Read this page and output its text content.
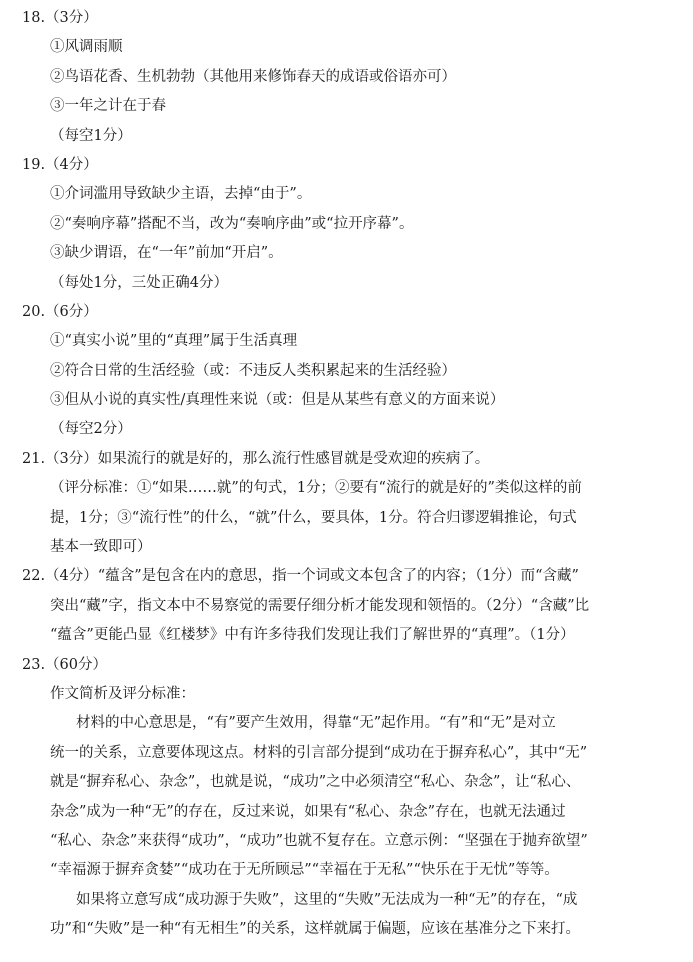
18.（3分）
①风调雨顺
②鸟语花香、生机勃勃（其他用来修饰春天的成语或俗语亦可）
③一年之计在于春
（每空1分）
19.（4分）
①介词滥用导致缺少主语，去掉“由于”。
②“奏响序幕”搭配不当，改为“奏响序曲”或“拉开序幕”。
③缺少谓语，在“一年”前加“开启”。
（每处1分，三处正确4分）
20.（6分）
①“真实小说”里的“真理”属于生活真理
②符合日常的生活经验（或：不违反人类积累起来的生活经验）
③但从小说的真实性/真理性来说（或：但是从某些有意义的方面来说）
（每空2分）
21.（3分）如果流行的就是好的，那么流行性感冒就是受欢迎的疾病了。
（评分标准：①“如果……就”的句式，1分；②要有“流行的就是好的”类似这样的前
提，1分；③“流行性”的什么，“就”什么，要具体，1分。符合归谬逻辑推论，句式
基本一致即可）
22.（4分）“蕴含”是包含在内的意思，指一个词或文本包含了的内容；（1分）而“含藏”
突出“藏”字，指文本中不易察觉的需要仔细分析才能发现和领悟的。（2分）“含藏”比
“蕴含”更能凸显《红楼梦》中有许多待我们发现让我们了解世界的“真理”。（1分）
23.（60分）
作文简析及评分标准：
材料的中心意思是，“有”要产生效用，得靠“无”起作用。“有”和“无”是对立
统一的关系，立意要体现这点。材料的引言部分提到“成功在于摒弃私心”，其中“无”
就是“摒弃私心、杂念”，也就是说，“成功”之中必须清空“私心、杂念”，让“私心、
杂念”成为一种“无”的存在，反过来说，如果有“私心、杂念”存在，也就无法通过
“私心、杂念”来获得“成功”，“成功”也就不复存在。立意示例：“坚强在于抛弃欲望”
“幸福源于摒弃贪婪”“成功在于无所顾忌”“幸福在于无私”“快乐在于无忧”等等。
如果将立意写成“成功源于失败”，这里的“失败”无法成为一种“无”的存在，“成
功”和“失败”是一种“有无相生”的关系，这样就属于偏题，应该在基准分之下来打。
